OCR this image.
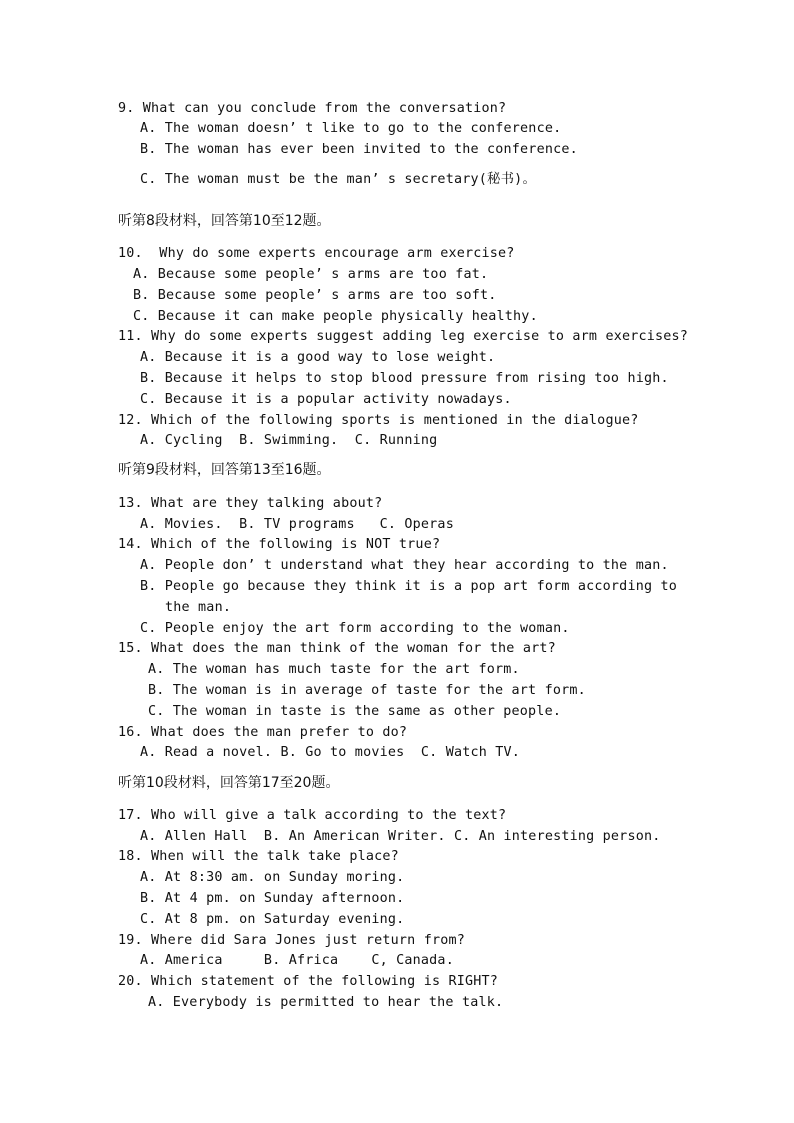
9. What can you conclude from the conversation?
A. The woman doesn’ t like to go to the conference.
B. The woman has ever been invited to the conference.
C. The woman must be the man’ s secretary(秘书)。
听第8段材料，回答第10至12题。
10.  Why do some experts encourage arm exercise?
A. Because some people’ s arms are too fat.
B. Because some people’ s arms are too soft.
C. Because it can make people physically healthy.
11. Why do some experts suggest adding leg exercise to arm exercises?
A. Because it is a good way to lose weight.
B. Because it helps to stop blood pressure from rising too high.
C. Because it is a popular activity nowadays.
12. Which of the following sports is mentioned in the dialogue?
A. Cycling  B. Swimming.  C. Running
听第9段材料，回答第13至16题。
13. What are they talking about?
A. Movies.  B. TV programs   C. Operas
14. Which of the following is NOT true?
A. People don’ t understand what they hear according to the man.
B. People go because they think it is a pop art form according to
the man.
C. People enjoy the art form according to the woman.
15. What does the man think of the woman for the art?
A. The woman has much taste for the art form.
B. The woman is in average of taste for the art form.
C. The woman in taste is the same as other people.
16. What does the man prefer to do?
A. Read a novel. B. Go to movies  C. Watch TV.
听第10段材料，回答第17至20题。
17. Who will give a talk according to the text?
A. Allen Hall  B. An American Writer. C. An interesting person.
18. When will the talk take place?
A. At 8:30 am. on Sunday moring.
B. At 4 pm. on Sunday afternoon.
C. At 8 pm. on Saturday evening.
19. Where did Sara Jones just return from?
A. America     B. Africa    C, Canada.
20. Which statement of the following is RIGHT?
A. Everybody is permitted to hear the talk.
